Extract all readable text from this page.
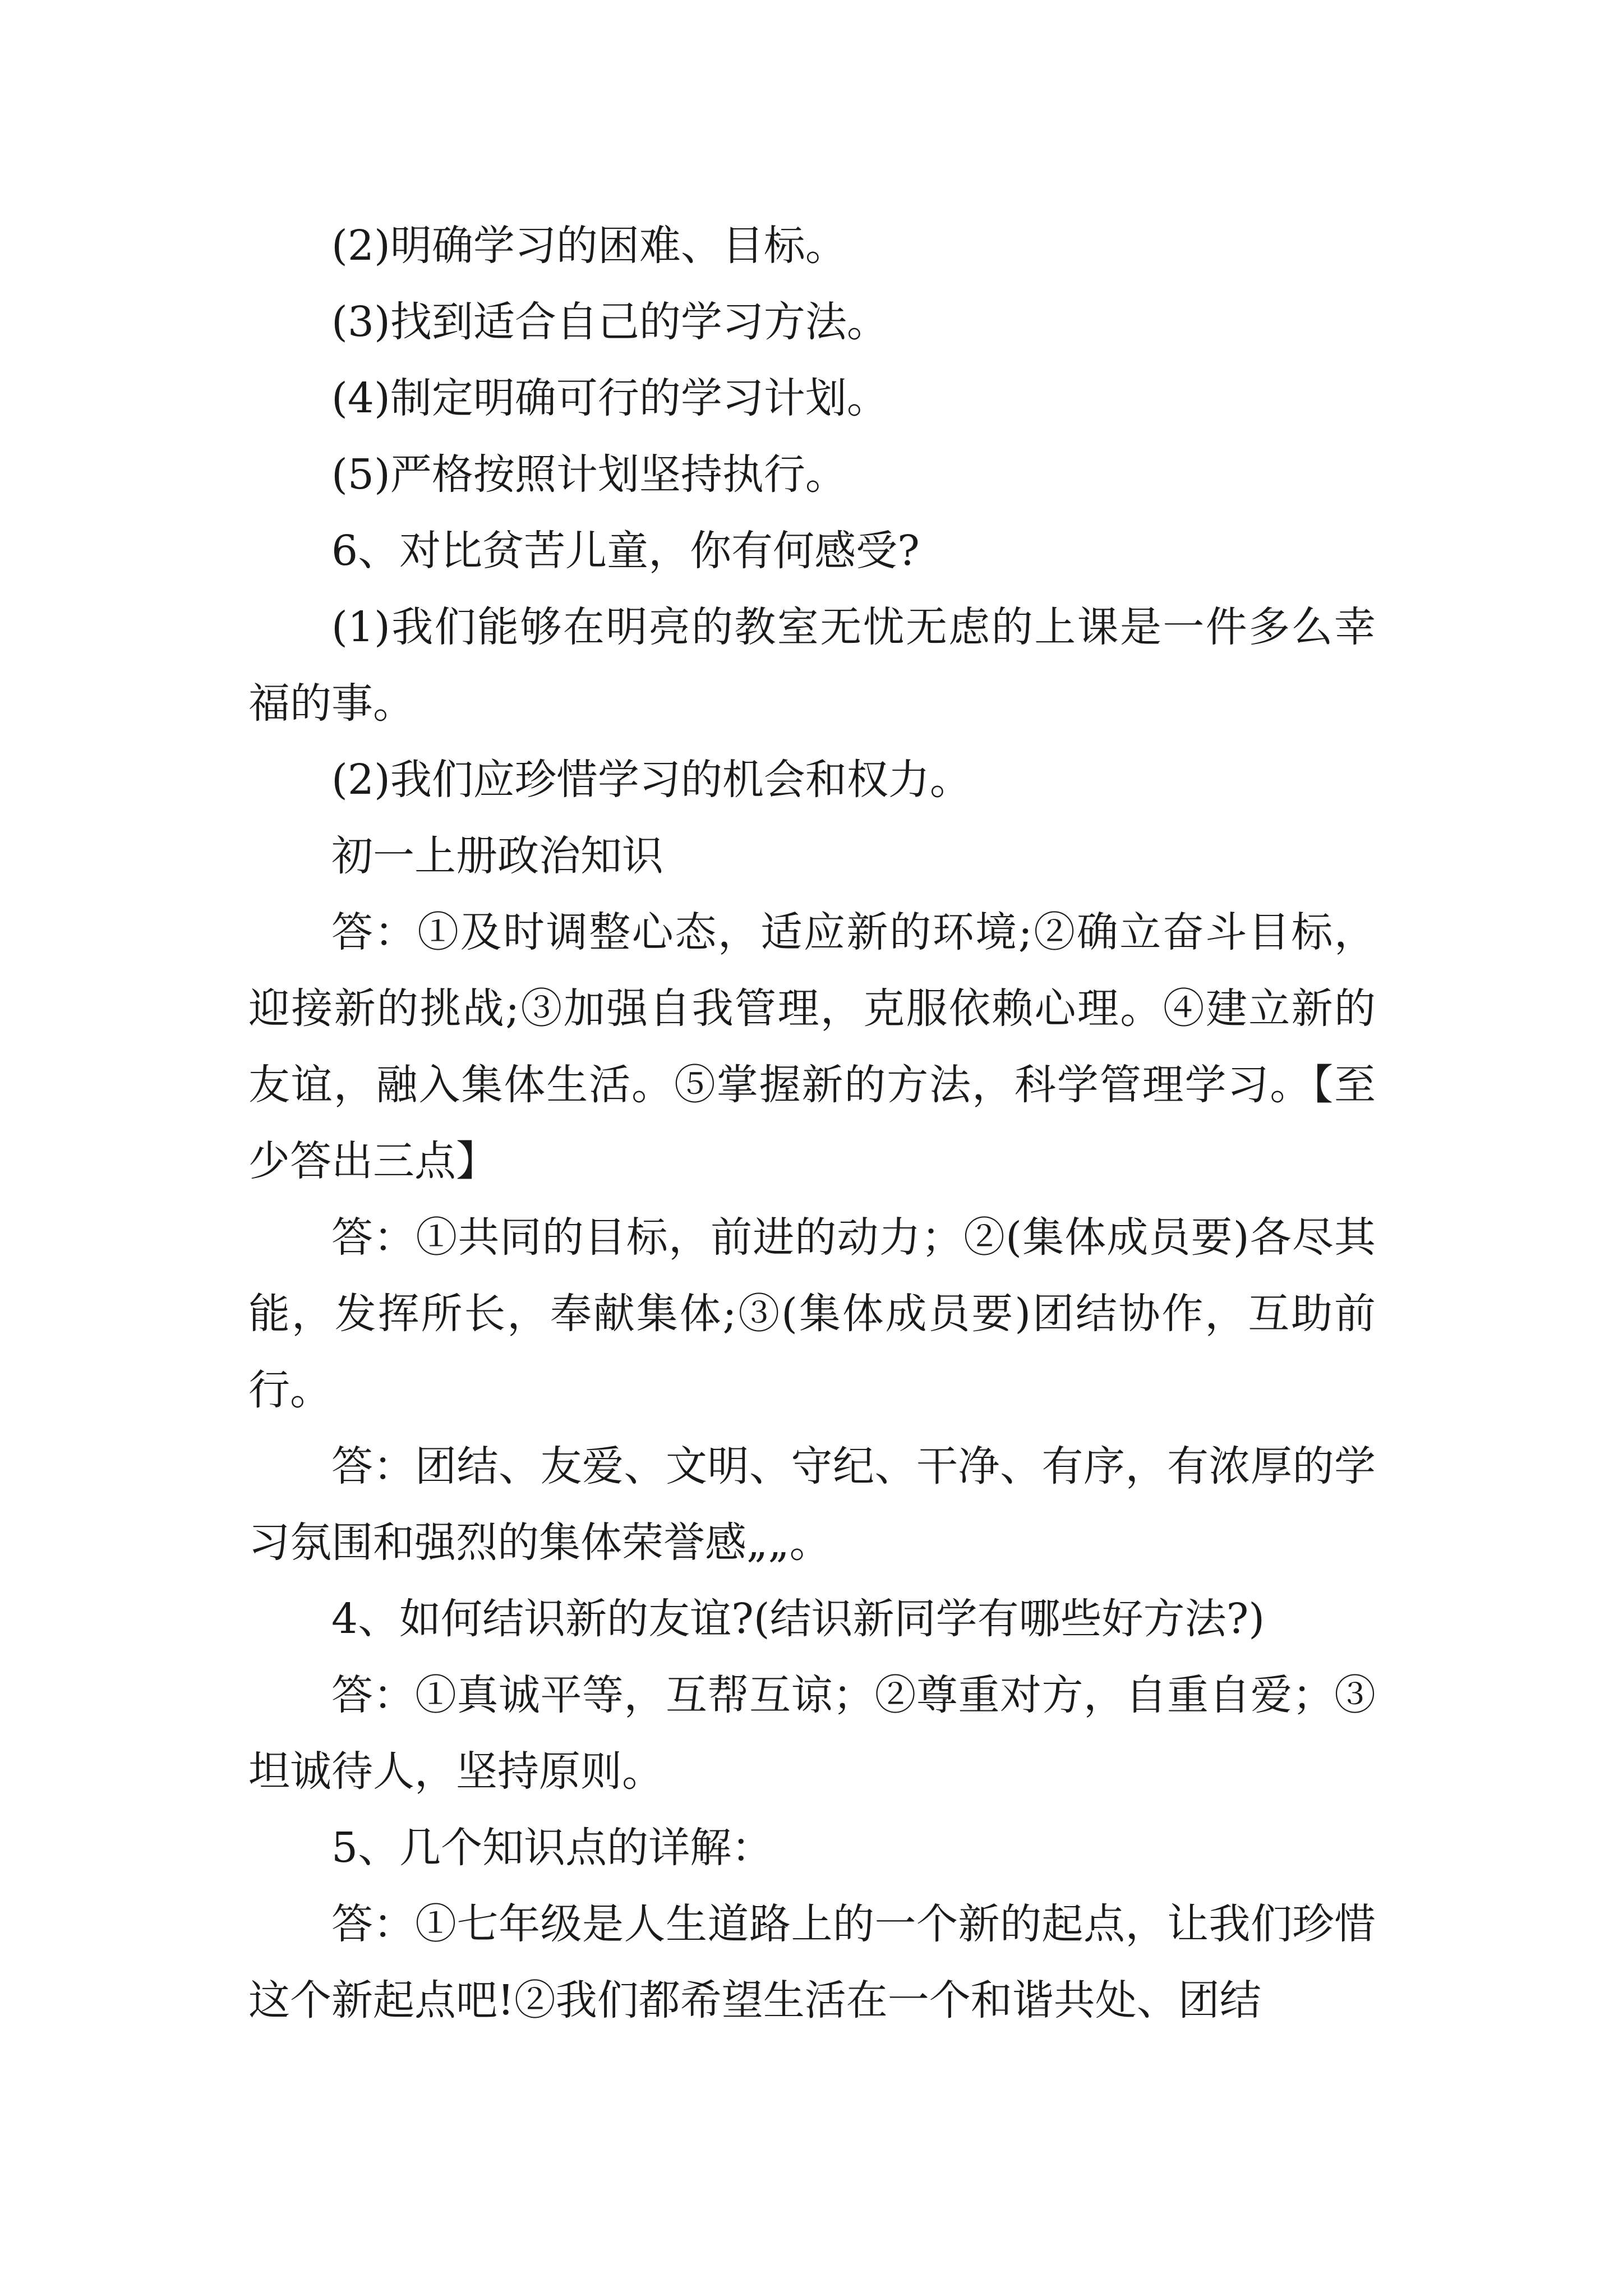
(2)明确学习的困难、目标。

(3)找到适合自己的学习方法。

(4)制定明确可行的学习计划。

(5)严格按照计划坚持执行。

6、对比贫苦儿童，你有何感受?

(1)我们能够在明亮的教室无忧无虑的上课是一件多么幸福的事。

(2)我们应珍惜学习的机会和权力。

初一上册政治知识

答：①及时调整心态，适应新的环境;②确立奋斗目标，迎接新的挑战;③加强自我管理，克服依赖心理。④建立新的友谊，融入集体生活。⑤掌握新的方法，科学管理学习。【至少答出三点】

答：①共同的目标，前进的动力；②(集体成员要)各尽其能，发挥所长，奉献集体;③(集体成员要)团结协作，互助前行。

答：团结、友爱、文明、守纪、干净、有序，有浓厚的学习氛围和强烈的集体荣誉感„„。

4、如何结识新的友谊?(结识新同学有哪些好方法?)

答：①真诚平等，互帮互谅；②尊重对方，自重自爱；③坦诚待人，坚持原则。

5、几个知识点的详解：

答：①七年级是人生道路上的一个新的起点，让我们珍惜这个新起点吧!②我们都希望生活在一个和谐共处、团结
